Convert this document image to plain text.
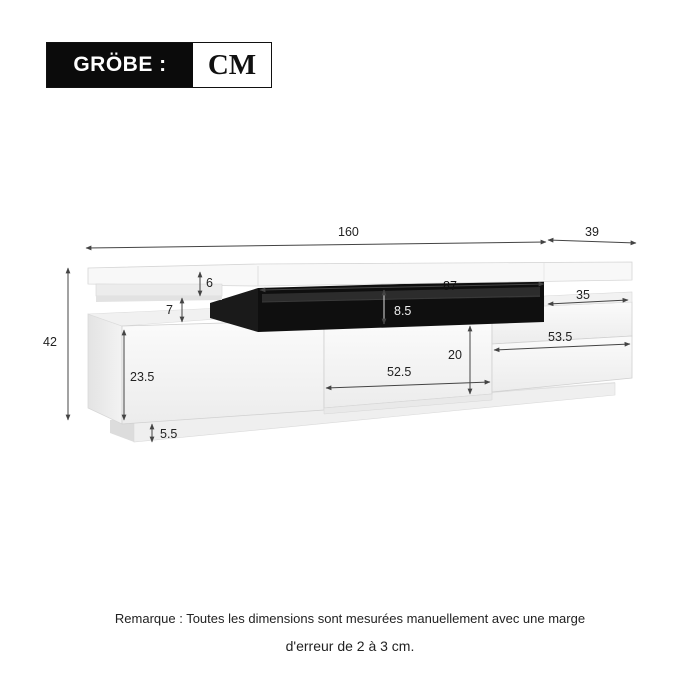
GRÖBE :	CM
160	39
42
6
7
87
8.5
35
53.5
20
52.5
23.5
5.5
Remarque : Toutes les dimensions sont mesurées manuellement avec une marge
d'erreur de 2 à 3 cm.
